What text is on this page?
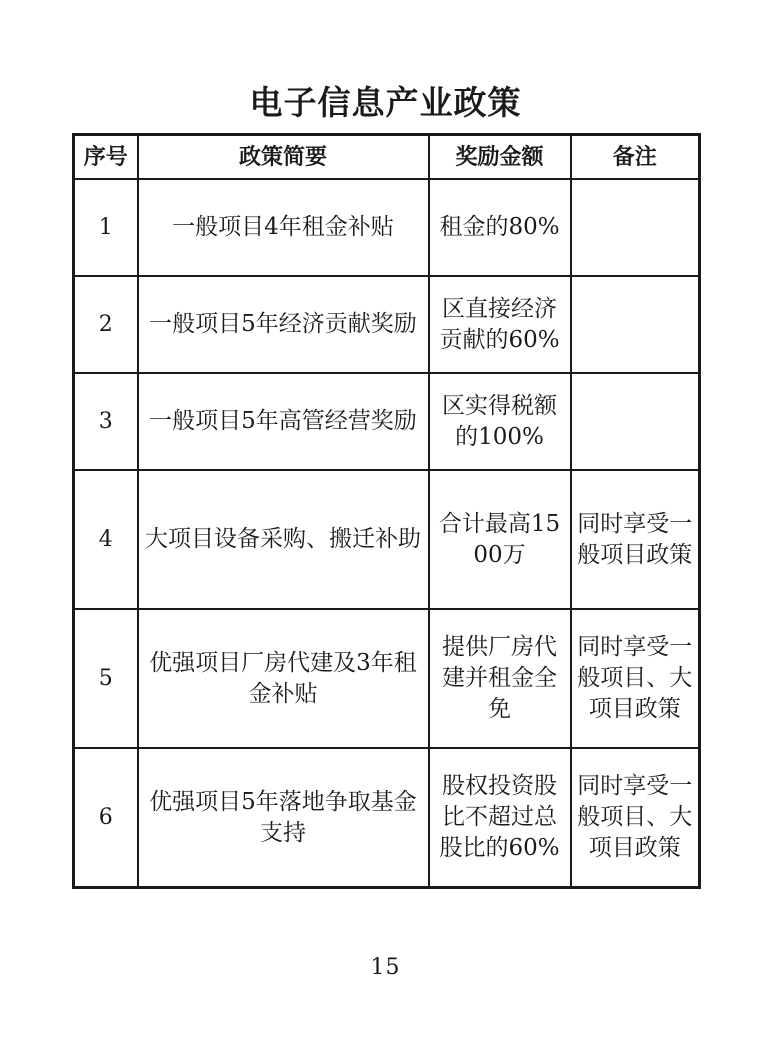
电子信息产业政策
序号	政策简要	奖励金额	备注
1	一般项目4年租金补贴	租金的80%	
2	一般项目5年经济贡献奖励	区直接经济贡献的60%	
3	一般项目5年高管经营奖励	区实得税额的100%	
4	大项目设备采购、搬迁补助	合计最高1500万	同时享受一般项目政策
5	优强项目厂房代建及3年租金补贴	提供厂房代建并租金全免	同时享受一般项目、大项目政策
6	优强项目5年落地争取基金支持	股权投资股比不超过总股比的60%	同时享受一般项目、大项目政策
15
